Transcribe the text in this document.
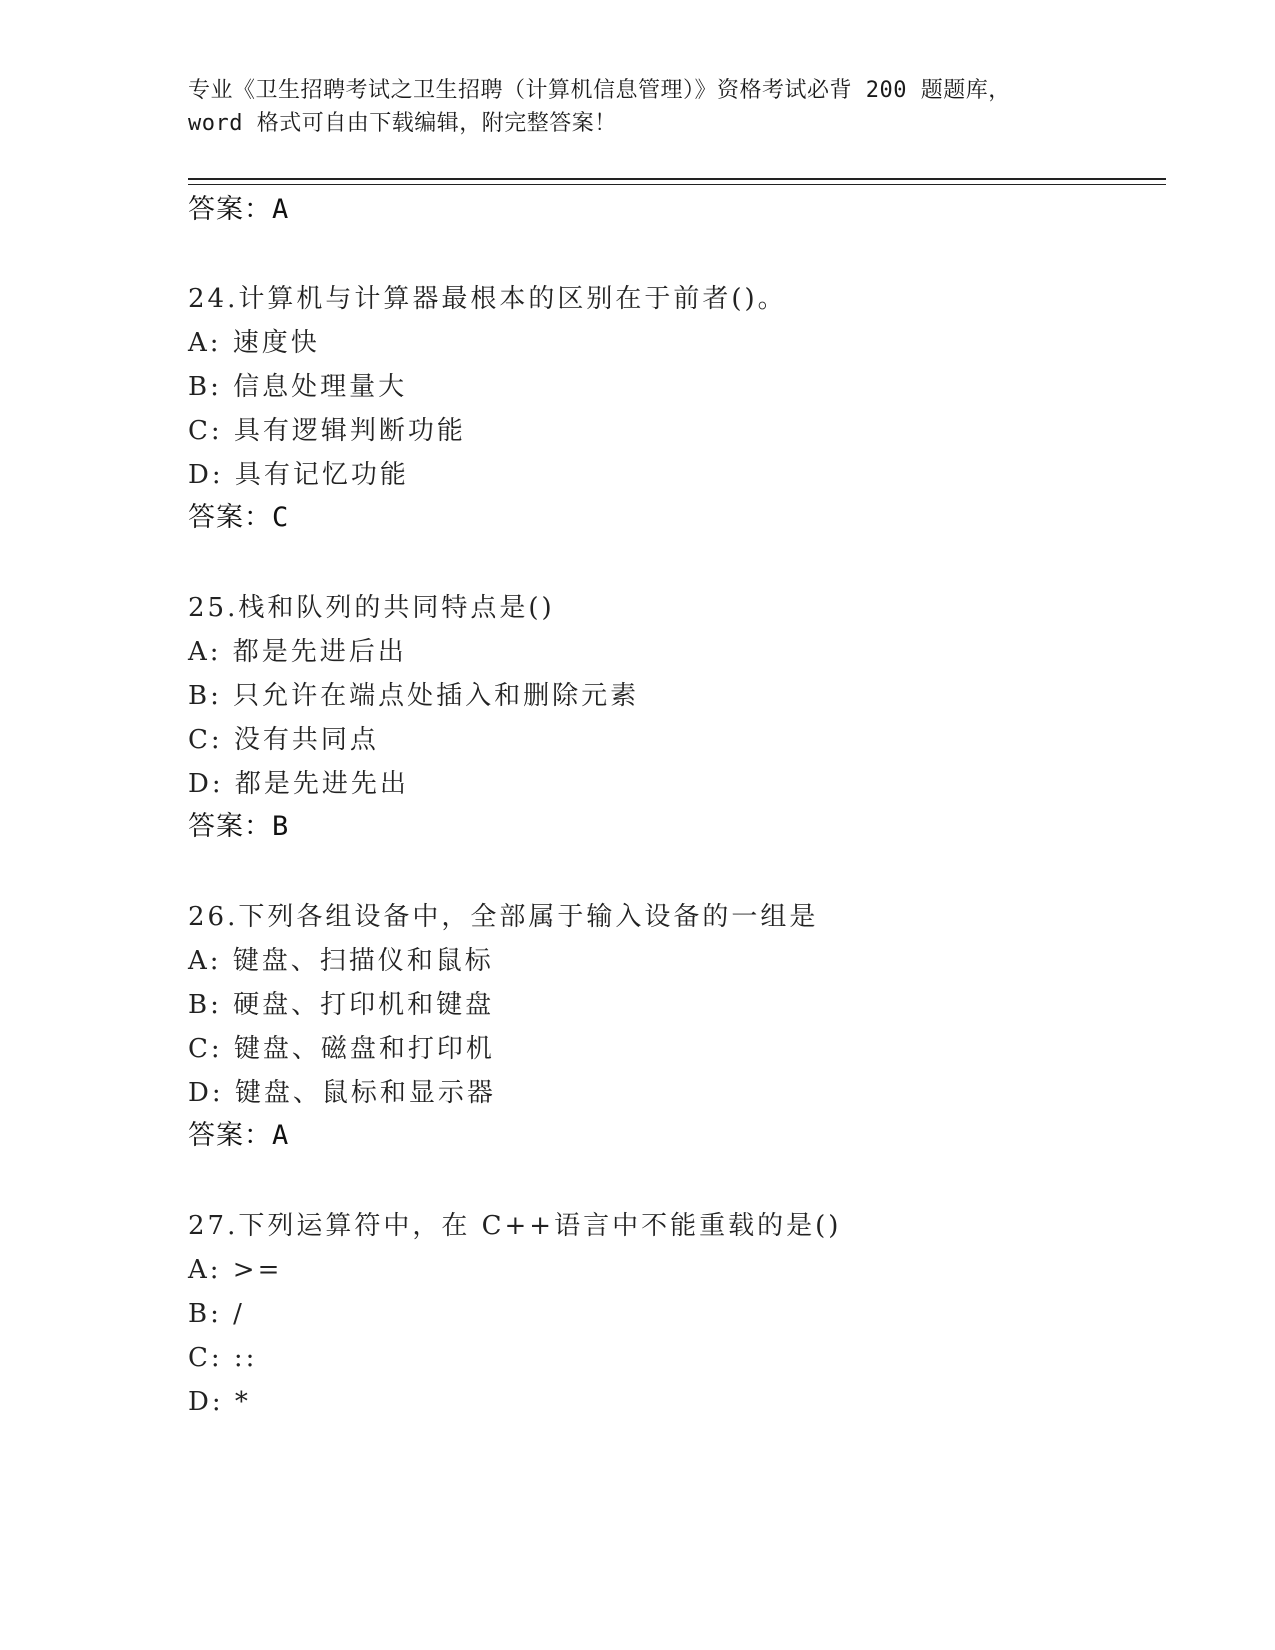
专业《卫生招聘考试之卫生招聘（计算机信息管理）》资格考试必背 200 题题库，
word 格式可自由下载编辑，附完整答案！
答案：A
24.计算机与计算器最根本的区别在于前者()。
A: 速度快
B: 信息处理量大
C: 具有逻辑判断功能
D: 具有记忆功能
答案：C
25.栈和队列的共同特点是()
A: 都是先进后出
B: 只允许在端点处插入和删除元素
C: 没有共同点
D: 都是先进先出
答案：B
26.下列各组设备中，全部属于输入设备的一组是
A: 键盘、扫描仪和鼠标
B: 硬盘、打印机和键盘
C: 键盘、磁盘和打印机
D: 键盘、鼠标和显示器
答案：A
27.下列运算符中，在 C++语言中不能重载的是()
A: >=
B: /
C: ::
D: *
